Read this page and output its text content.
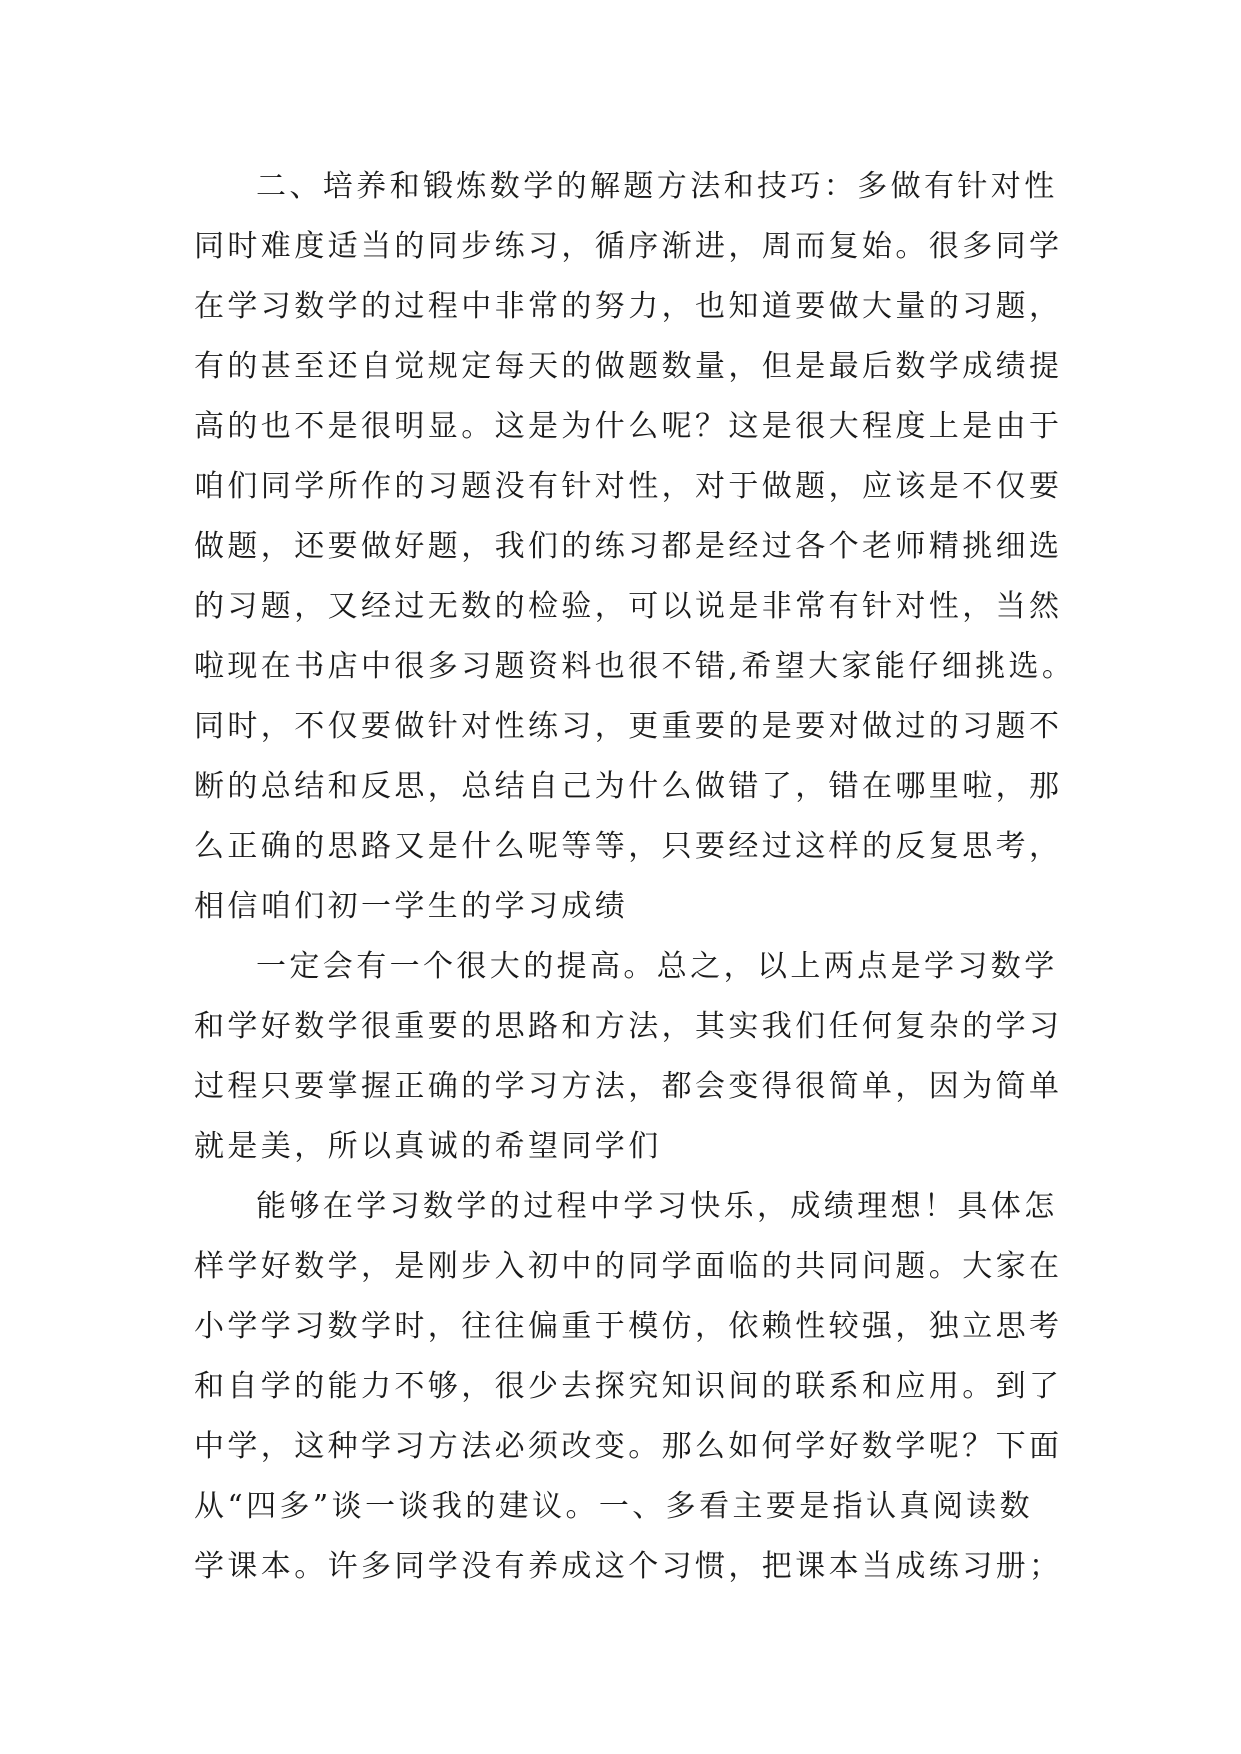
二、培养和锻炼数学的解题方法和技巧：多做有针对性
同时难度适当的同步练习，循序渐进，周而复始。很多同学
在学习数学的过程中非常的努力，也知道要做大量的习题，
有的甚至还自觉规定每天的做题数量，但是最后数学成绩提
高的也不是很明显。这是为什么呢？这是很大程度上是由于
咱们同学所作的习题没有针对性，对于做题，应该是不仅要
做题，还要做好题，我们的练习都是经过各个老师精挑细选
的习题，又经过无数的检验，可以说是非常有针对性，当然
啦现在书店中很多习题资料也很不错,希望大家能仔细挑选。
同时，不仅要做针对性练习，更重要的是要对做过的习题不
断的总结和反思，总结自己为什么做错了，错在哪里啦，那
么正确的思路又是什么呢等等，只要经过这样的反复思考，
相信咱们初一学生的学习成绩
一定会有一个很大的提高。总之，以上两点是学习数学
和学好数学很重要的思路和方法，其实我们任何复杂的学习
过程只要掌握正确的学习方法，都会变得很简单，因为简单
就是美，所以真诚的希望同学们
能够在学习数学的过程中学习快乐，成绩理想！具体怎
样学好数学，是刚步入初中的同学面临的共同问题。大家在
小学学习数学时，往往偏重于模仿，依赖性较强，独立思考
和自学的能力不够，很少去探究知识间的联系和应用。到了
中学，这种学习方法必须改变。那么如何学好数学呢？下面
从“四多”谈一谈我的建议。一、多看主要是指认真阅读数
学课本。许多同学没有养成这个习惯，把课本当成练习册；
